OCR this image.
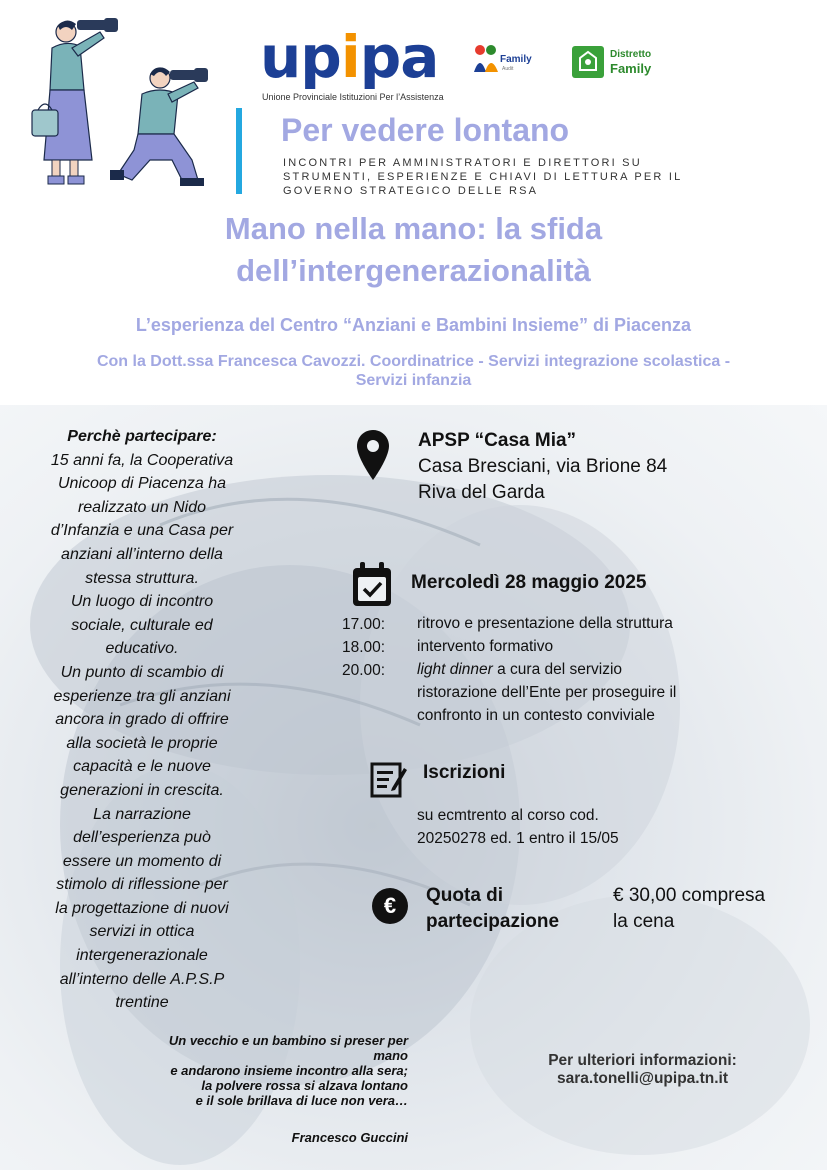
upipa
Unione Provinciale Istituzioni Per l’Assistenza
Family
Audit
Distretto
Family
Per vedere lontano
INCONTRI PER AMMINISTRATORI E DIRETTORI SU STRUMENTI, ESPERIENZE E CHIAVI DI LETTURA PER IL GOVERNO STRATEGICO DELLE RSA
Mano nella mano: la sfida
dell’intergenerazionalità
L’esperienza del Centro “Anziani e Bambini Insieme” di Piacenza
Con la Dott.ssa Francesca Cavozzi. Coordinatrice - Servizi integrazione scolastica -
Servizi infanzia
Perchè partecipare:
15 anni fa, la Cooperativa
Unicoop di Piacenza ha
realizzato un Nido
d’Infanzia e una Casa per
anziani all’interno della
stessa struttura.
Un luogo di incontro
sociale, culturale ed
educativo.
Un punto di scambio di
esperienze tra gli anziani
ancora in grado di offrire
alla società le proprie
capacità e le nuove
generazioni in crescita.
La narrazione
dell’esperienza può
essere un momento di
stimolo di riflessione per
la progettazione di nuovi
servizi in ottica
intergenerazionale
all’interno delle A.P.S.P
trentine
APSP “Casa Mia”
Casa Bresciani, via Brione 84
Riva del Garda
Mercoledì 28 maggio 2025
17.00:
18.00:
20.00:
ritrovo e presentazione della struttura
intervento formativo
light dinner a cura del servizio
ristorazione dell’Ente per proseguire il
confronto in un contesto conviviale
Iscrizioni
su ecmtrento al corso cod.
20250278 ed. 1 entro il 15/05
€	Quota di
partecipazione
€ 30,00 compresa
la cena
Un vecchio e un bambino si preser per
mano
e andarono insieme incontro alla sera;
la polvere rossa si alzava lontano
e il sole brillava di luce non vera…
Francesco Guccini
Per ulteriori informazioni:
sara.tonelli@upipa.tn.it
